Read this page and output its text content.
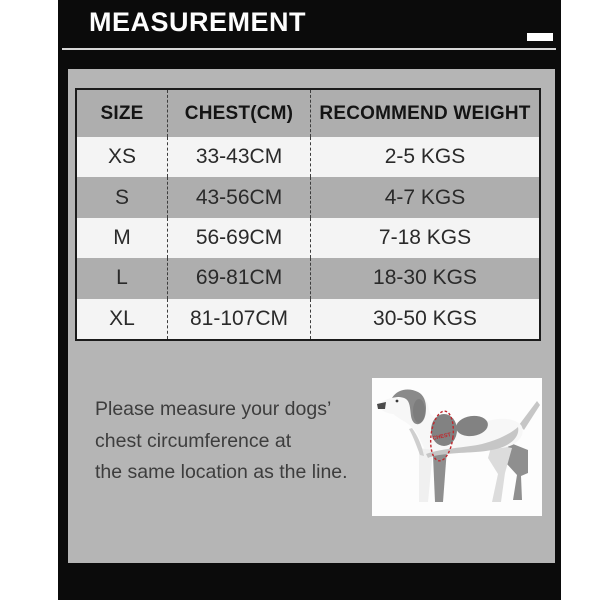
MEASUREMENT
SIZE	CHEST(CM)	RECOMMEND WEIGHT
XS	33-43CM	2-5 KGS
S	43-56CM	4-7 KGS
M	56-69CM	7-18 KGS
L	69-81CM	18-30 KGS
XL	81-107CM	30-50 KGS
Please measure your dogs’
chest circumference at
the same location as the line.
CHEST
